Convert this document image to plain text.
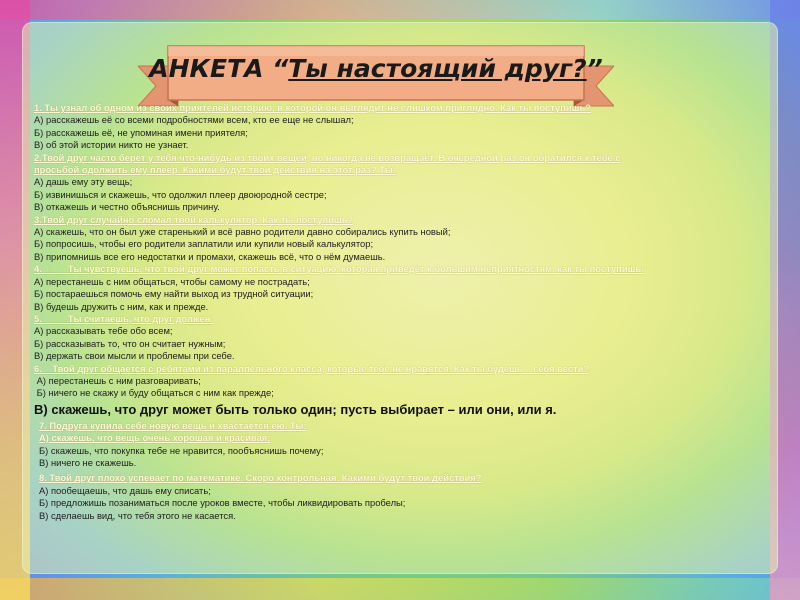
АНКЕТА “Ты настоящий друг?”

1. Ты узнал об одном из своих приятелей историю, в которой он выглядит не слишком приглядно. Как ты поступишь?

А) расскажешь её со всеми подробностями всем, кто ее еще не слышал;

Б) расскажешь её, не упоминая имени приятеля;

В) об этой истории никто не узнает.

2.Твой друг часто берёт у тебя что-нибудь из твоих вещей, но никогда не возвращает. В очередной раз он обратился к тебе с

просьбой одолжить ему плеер. Какими будут твои действия на этот раз? Ты:

А) дашь ему эту вещь;

Б) извинишься и скажешь, что одолжил плеер двоюродной сестре;

В) откажешь и честно объяснишь причину.

3.Твой друг случайно сломал твой калькулятор. Как ты поступишь?

А) скажешь, что он был уже старенький и всё равно родители давно собирались купить новый;

Б) попросишь, чтобы его родители заплатили или купили новый калькулятор;

В) припомнишь все его недостатки и промахи, скажешь всё, что о нём думаешь.

4.          Ты чувствуешь, что твой друг может попасть в ситуацию, которая приведёт к большим неприятностям, как ты поступишь:

А) перестанешь с ним общаться, чтобы самому не пострадать;

Б) постараешься помочь ему найти выход из трудной ситуации;

В) будешь дружить с ним, как и прежде.

5.          Ты считаешь, что друг должен:

А) рассказывать тебе обо всем;

Б) рассказывать то, что он считает нужным;

В) держать свои мысли и проблемы при себе.

6.    Твой друг общается с ребятами из параллельного класса, которые тебе не нравятся. Как ты будешь    себя вести?

А) перестанешь с ним разговаривать;

Б) ничего не скажу и буду общаться с ним как прежде;

В) скажешь, что друг может быть только один; пусть выбирает – или они, или я.

7. Подруга купила себе новую вещь и хвастается ею. Ты:

А) скажешь, что вещь очень хорошая и красивая;

Б) скажешь, что покупка тебе не нравится, пообъяснишь почему;

В) ничего не скажешь.

8. Твой друг плохо успевает по математике. Скоро контрольная. Какими будут твои действия?

А) пообещаешь, что дашь ему списать;

Б) предложишь позаниматься после уроков вместе, чтобы ликвидировать пробелы;

В) сделаешь вид, что тебя этого не касается.
